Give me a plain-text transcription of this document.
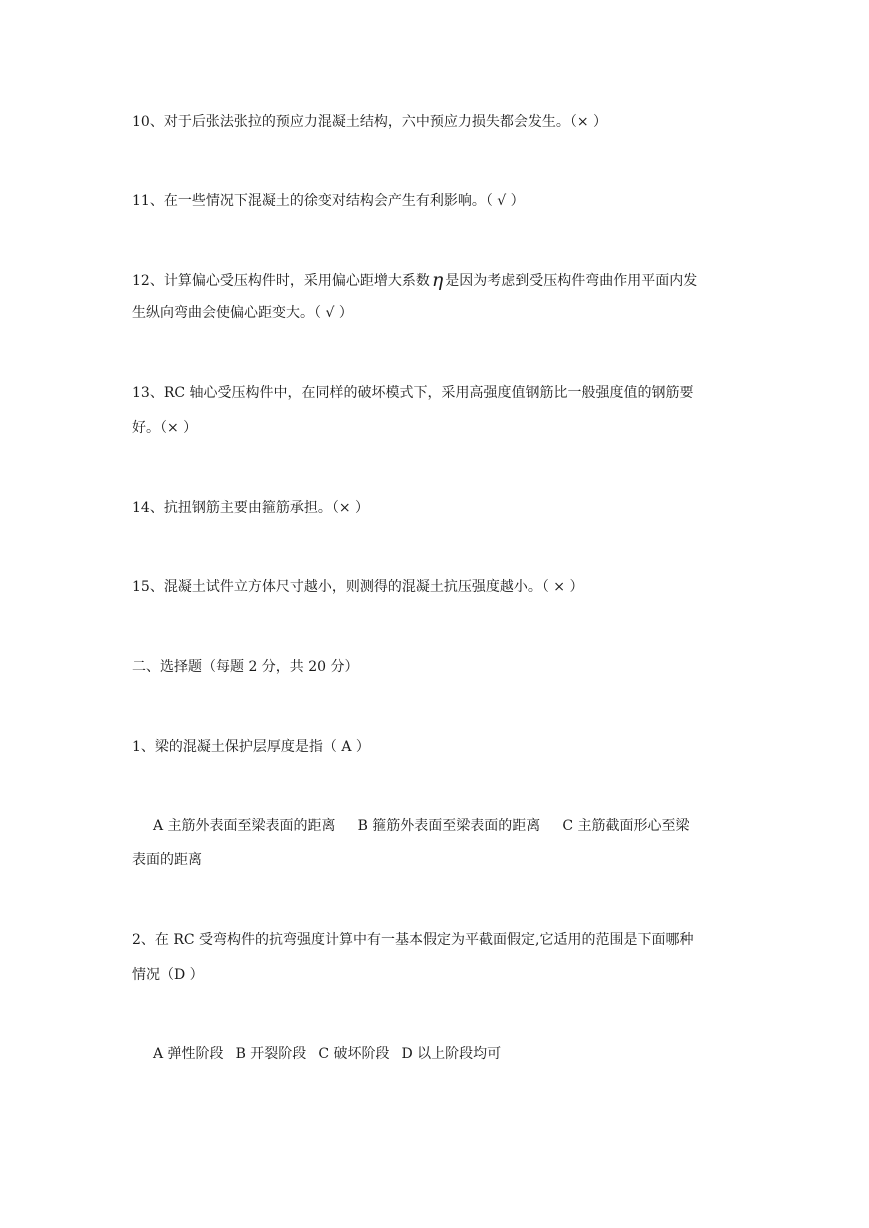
10、对于后张法张拉的预应力混凝土结构，六中预应力损失都会发生。（× ）
11、在一些情况下混凝土的徐变对结构会产生有利影响。（ √ ）
12、计算偏心受压构件时，采用偏心距增大系数 η 是因为考虑到受压构件弯曲作用平面内发
生纵向弯曲会使偏心距变大。（ √ ）
13、RC 轴心受压构件中，在同样的破坏模式下，采用高强度值钢筋比一般强度值的钢筋要
好。（× ）
14、抗扭钢筋主要由箍筋承担。（× ）
15、混凝土试件立方体尺寸越小，则测得的混凝土抗压强度越小。（ × ）
二、选择题（每题 2 分，共 20 分）
1、梁的混凝土保护层厚度是指（ A ）
A 主筋外表面至梁表面的距离 B 箍筋外表面至梁表面的距离 C 主筋截面形心至梁
表面的距离
2、在 RC 受弯构件的抗弯强度计算中有一基本假定为平截面假定,它适用的范围是下面哪种
情况（D ）
A 弹性阶段 B 开裂阶段 C 破坏阶段 D 以上阶段均可
